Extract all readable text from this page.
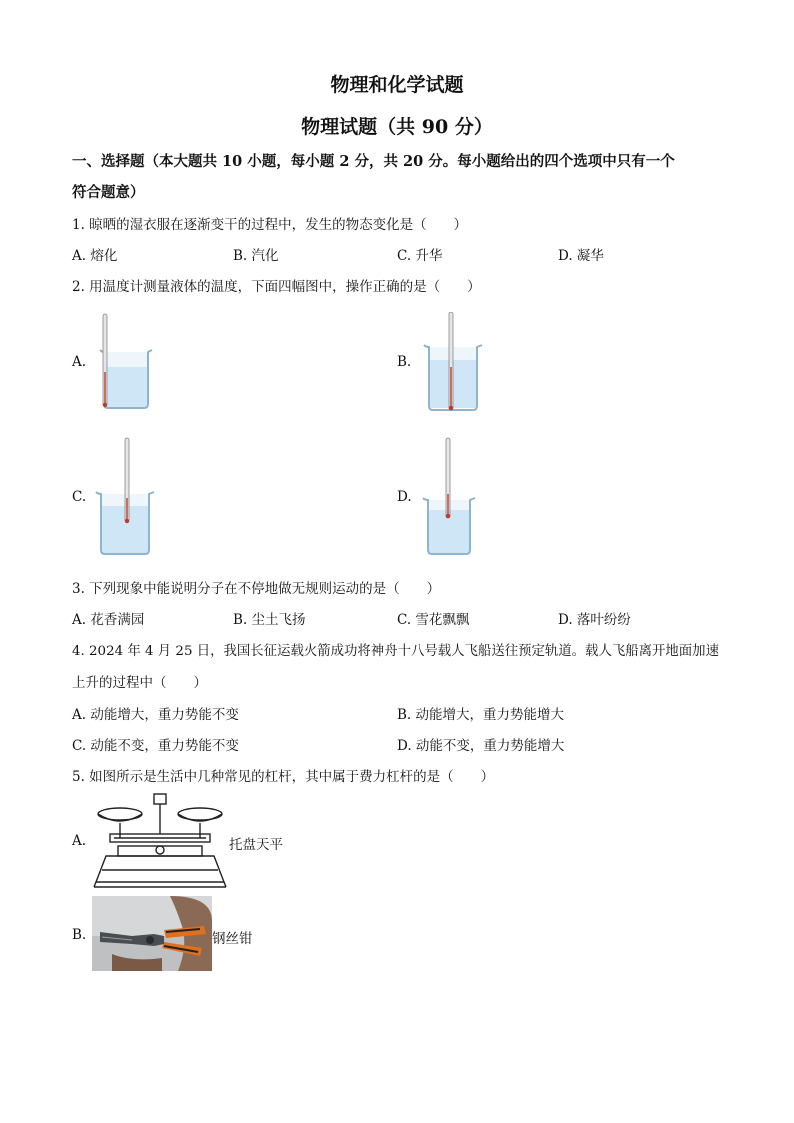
物理和化学试题
物理试题（共 90 分）
一、选择题（本大题共 10 小题，每小题 2 分，共 20 分。每小题给出的四个选项中只有一个
符合题意）
1. 晾晒的湿衣服在逐渐变干的过程中，发生的物态变化是（　　）
A. 熔化	B. 汽化	C. 升华	D. 凝华
2. 用温度计测量液体的温度，下面四幅图中，操作正确的是（　　）
A.	B.
C.	D.
3. 下列现象中能说明分子在不停地做无规则运动的是（　　）
A. 花香满园	B. 尘土飞扬	C. 雪花飘飘	D. 落叶纷纷
4. 2024 年 4 月 25 日，我国长征运载火箭成功将神舟十八号载人飞船送往预定轨道。载人飞船离开地面加速
上升的过程中（　　）
A. 动能增大，重力势能不变	B. 动能增大，重力势能增大
C. 动能不变，重力势能不变	D. 动能不变，重力势能增大
5. 如图所示是生活中几种常见的杠杆，其中属于费力杠杆的是（　　）
A.	托盘天平
B.	钢丝钳
